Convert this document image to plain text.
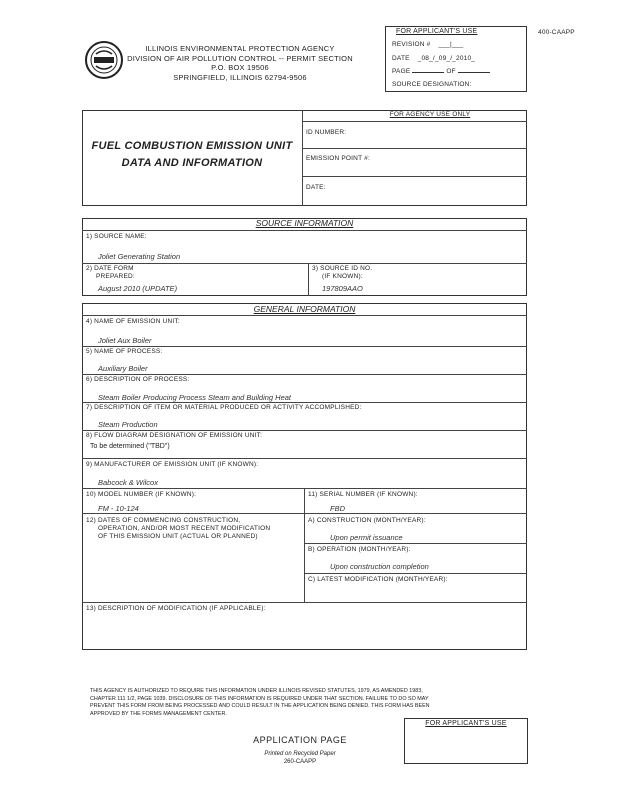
ILLINOIS ENVIRONMENTAL PROTECTION AGENCY
DIVISION OF AIR POLLUTION CONTROL -- PERMIT SECTION
P.O. BOX 19506
SPRINGFIELD, ILLINOIS 62794-9506
400-CAAPP
FOR APPLICANT'S USE
REVISION # ___|___
DATE _08_/_09_/_2010_
PAGE	OF
SOURCE DESIGNATION:
FUEL COMBUSTION EMISSION UNIT
DATA AND INFORMATION
FOR AGENCY USE ONLY
ID NUMBER:
EMISSION POINT #:
DATE:
SOURCE INFORMATION
1) SOURCE NAME:
Joliet Generating Station
2) DATE FORM
PREPARED:
August 2010 (UPDATE)
3) SOURCE ID NO.
(IF KNOWN):
197809AAO
GENERAL INFORMATION
4) NAME OF EMISSION UNIT:
Joliet Aux Boiler
5) NAME OF PROCESS:
Auxiliary Boiler
6) DESCRIPTION OF PROCESS:
Steam Boiler Producing Process Steam and Building Heat
7) DESCRIPTION OF ITEM OR MATERIAL PRODUCED OR ACTIVITY ACCOMPLISHED:
Steam Production
8) FLOW DIAGRAM DESIGNATION OF EMISSION UNIT:
To be determined ("TBD")
9) MANUFACTURER OF EMISSION UNIT (IF KNOWN):
Babcock & Wilcox
10) MODEL NUMBER (IF KNOWN):
FM - 10-124
11) SERIAL NUMBER (IF KNOWN):
FBD
12) DATES OF COMMENCING CONSTRUCTION,
OPERATION, AND/OR MOST RECENT MODIFICATION
OF THIS EMISSION UNIT (ACTUAL OR PLANNED)
A) CONSTRUCTION (MONTH/YEAR):
Upon permit issuance
B) OPERATION (MONTH/YEAR):
Upon construction completion
C) LATEST MODIFICATION (MONTH/YEAR):
13) DESCRIPTION OF MODIFICATION (IF APPLICABLE):
THIS AGENCY IS AUTHORIZED TO REQUIRE THIS INFORMATION UNDER ILLINOIS REVISED STATUTES, 1979, AS AMENDED 1983,
CHAPTER 111 1/2, PAGE 1039. DISCLOSURE OF THIS INFORMATION IS REQUIRED UNDER THAT SECTION. FAILURE TO DO SO MAY
PREVENT THIS FORM FROM BEING PROCESSED AND COULD RESULT IN THE APPLICATION BEING DENIED. THIS FORM HAS BEEN
APPROVED BY THE FORMS MANAGEMENT CENTER.
FOR APPLICANT'S USE
APPLICATION PAGE
Printed on Recycled Paper
260-CAAPP
